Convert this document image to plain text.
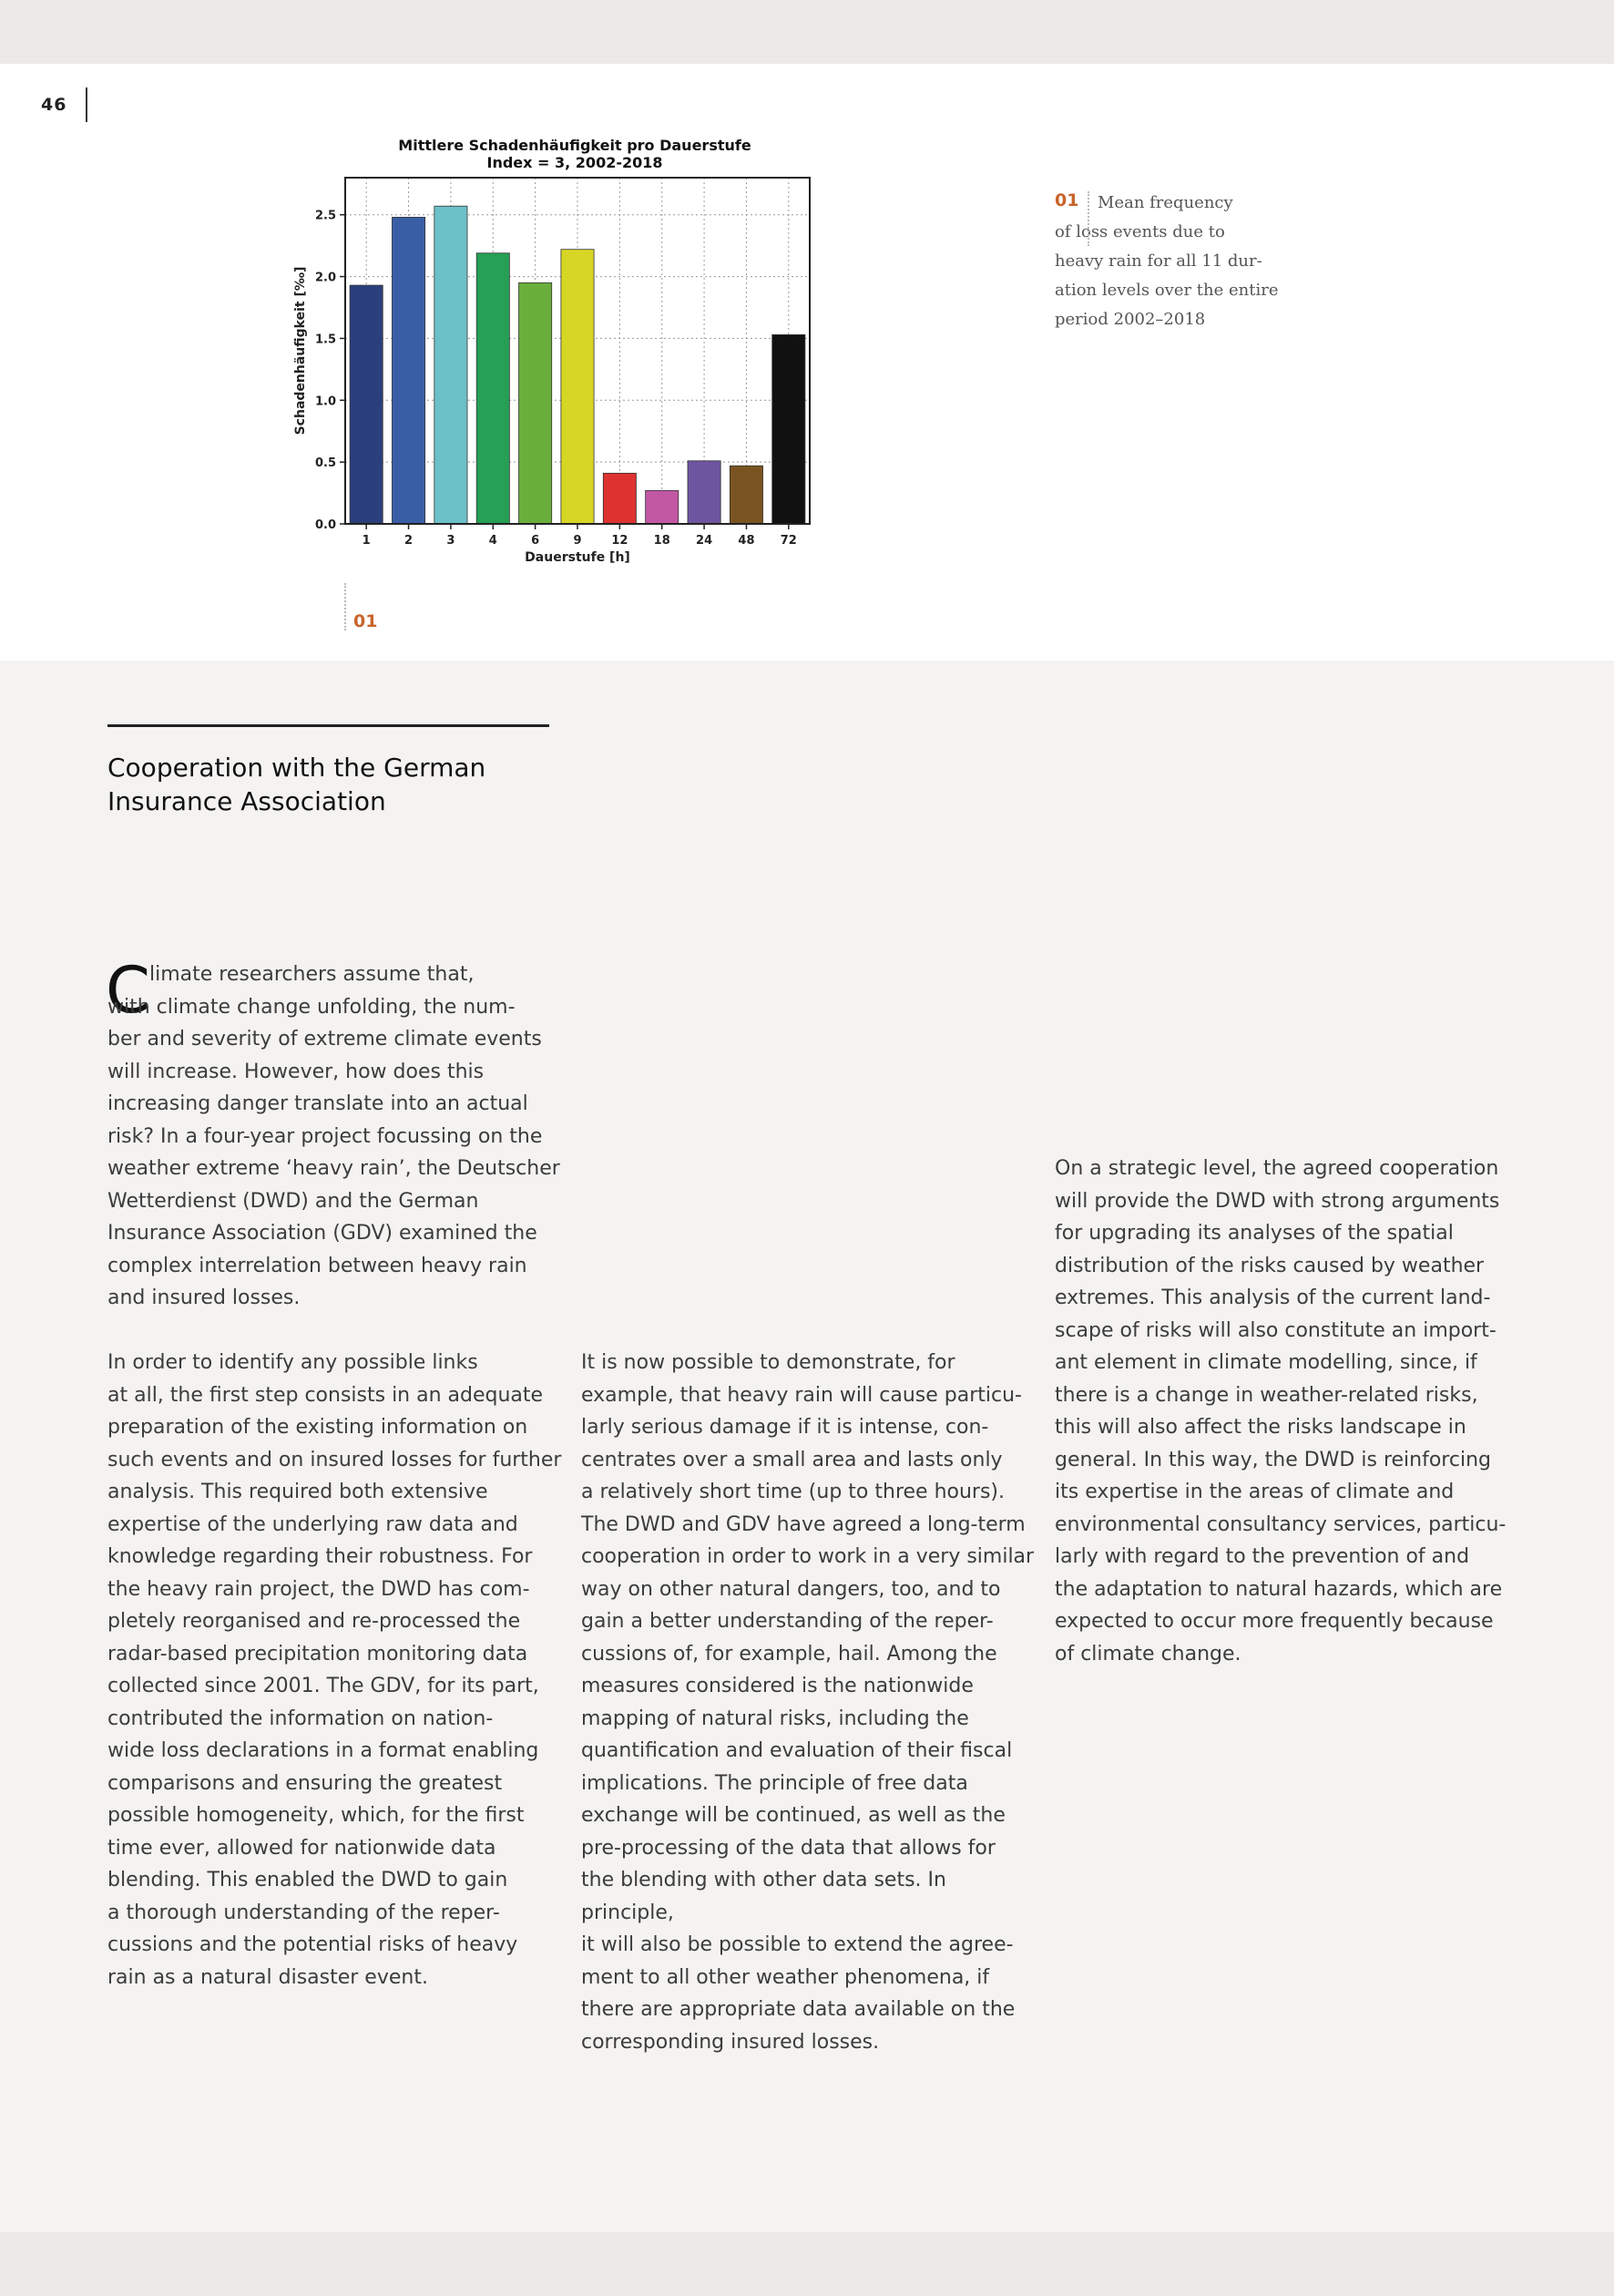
46
Mittlere Schadenhäufigkeit pro Dauerstufe
Index = 3, 2002-2018
0.0
0.5
1.0
1.5
2.0
2.5
1	2	3	4	6	9	12 18 24 48 72
Dauerstufe [h]
Schadenhäufigkeit [‰]
01
Mean frequency
of loss events due to
heavy rain for all 11 dur-
ation levels over the entire
period 2002–2018
01
Cooperation with the German
Insurance Association
C limate researchers assume that,
with climate change unfolding, the num-
ber and severity of extreme climate events
will increase. However, how does this
increasing danger translate into an actual
risk? In a four-year project focussing on the
weather extreme ‘heavy rain’, the Deutscher
Wetterdienst (DWD) and the German
Insurance Association (GDV) examined the
complex interrelation between heavy rain
and insured losses.
In order to identify any possible links
at all, the first step consists in an adequate
preparation of the existing information on
such events and on insured losses for further
analysis. This required both extensive
expertise of the underlying raw data and
knowledge regarding their robustness. For
the heavy rain project, the DWD has com-
pletely reorganised and re-processed the
radar-based precipitation monitoring data
collected since 2001. The GDV, for its part,
contributed the information on nation-
wide loss declarations in a format enabling
comparisons and ensuring the greatest
possible homogeneity, which, for the first
time ever, allowed for nationwide data
blending. This enabled the DWD to gain
a thorough understanding of the reper-
cussions and the potential risks of heavy
rain as a natural disaster event.
It is now possible to demonstrate, for
example, that heavy rain will cause particu-
larly serious damage if it is intense, con-
centrates over a small area and lasts only
a relatively short time (up to three hours).
The DWD and GDV have agreed a long-term
cooperation in order to work in a very similar
way on other natural dangers, too, and to
gain a better understanding of the reper-
cussions of, for example, hail. Among the
measures considered is the nationwide
mapping of natural risks, including the
quantification and evaluation of their fiscal
implications. The principle of free data
exchange will be continued, as well as the
pre-processing of the data that allows for
the blending with other data sets. In principle,
it will also be possible to extend the agree-
ment to all other weather phenomena, if
there are appropriate data available on the
corresponding insured losses.
On a strategic level, the agreed cooperation
will provide the DWD with strong arguments
for upgrading its analyses of the spatial
distribution of the risks caused by weather
extremes. This analysis of the current land-
scape of risks will also constitute an import-
ant element in climate modelling, since, if
there is a change in weather-related risks,
this will also affect the risks landscape in
general. In this way, the DWD is reinforcing
its expertise in the areas of climate and
environmental consultancy services, particu-
larly with regard to the prevention of and
the adaptation to natural hazards, which are
expected to occur more frequently because
of climate change.
